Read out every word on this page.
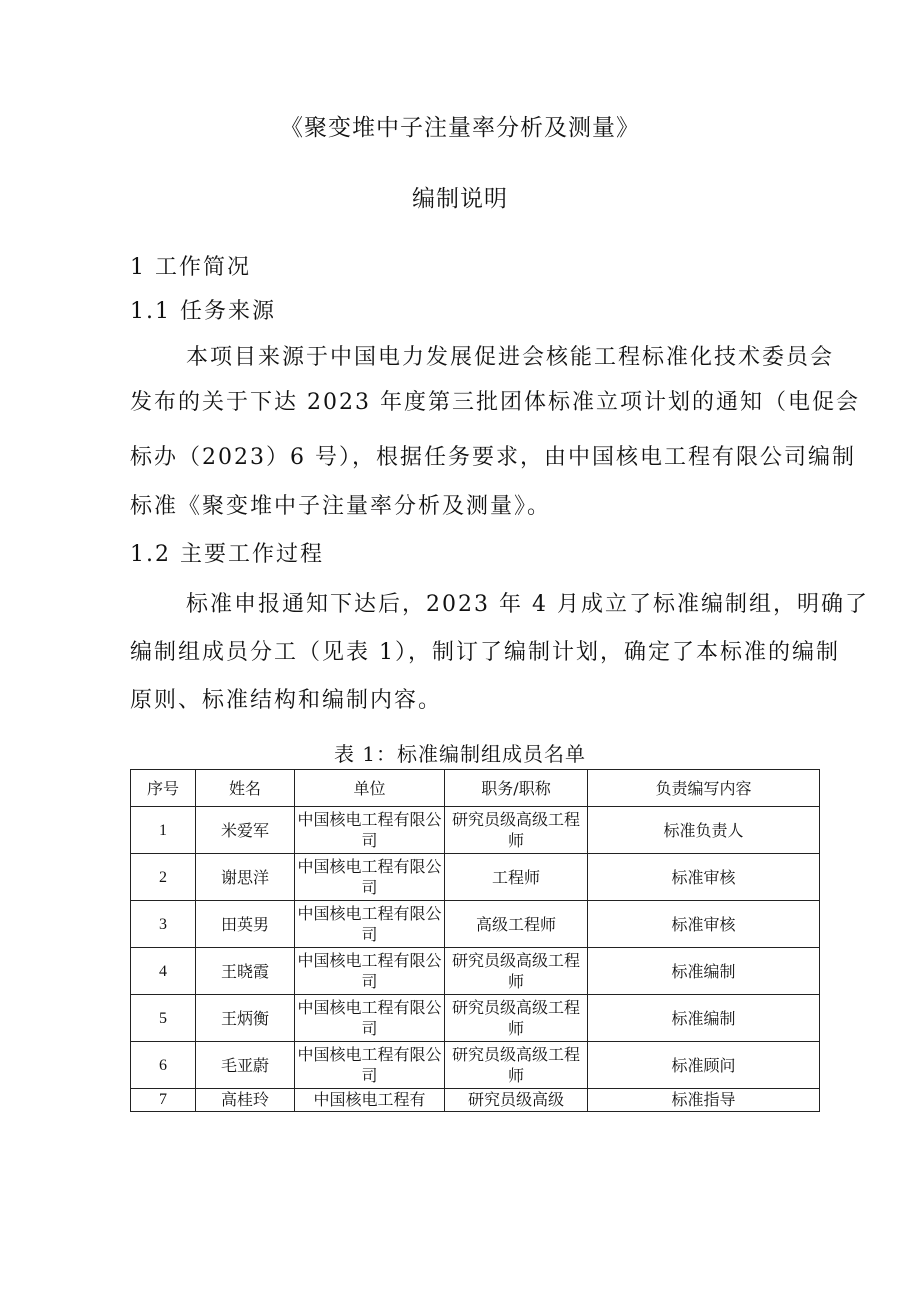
《聚变堆中子注量率分析及测量》
编制说明
1 工作简况
1.1 任务来源
本项目来源于中国电力发展促进会核能工程标准化技术委员会
发布的关于下达 2023 年度第三批团体标准立项计划的通知（电促会
标办（2023）6 号），根据任务要求，由中国核电工程有限公司编制
标准《聚变堆中子注量率分析及测量》。
1.2 主要工作过程
标准申报通知下达后，2023 年 4 月成立了标准编制组，明确了
编制组成员分工（见表 1），制订了编制计划，确定了本标准的编制
原则、标准结构和编制内容。
表 1：标准编制组成员名单
序号	姓名	单位	职务/职称	负责编写内容
1	米爱军	中国核电工程有限公司	研究员级高级工程师	标准负责人
2	谢思洋	中国核电工程有限公司	工程师	标准审核
3	田英男	中国核电工程有限公司	高级工程师	标准审核
4	王晓霞	中国核电工程有限公司	研究员级高级工程师	标准编制
5	王炳衡	中国核电工程有限公司	研究员级高级工程师	标准编制
6	毛亚蔚	中国核电工程有限公司	研究员级高级工程师	标准顾问
7	高桂玲	中国核电工程有	研究员级高级	标准指导
